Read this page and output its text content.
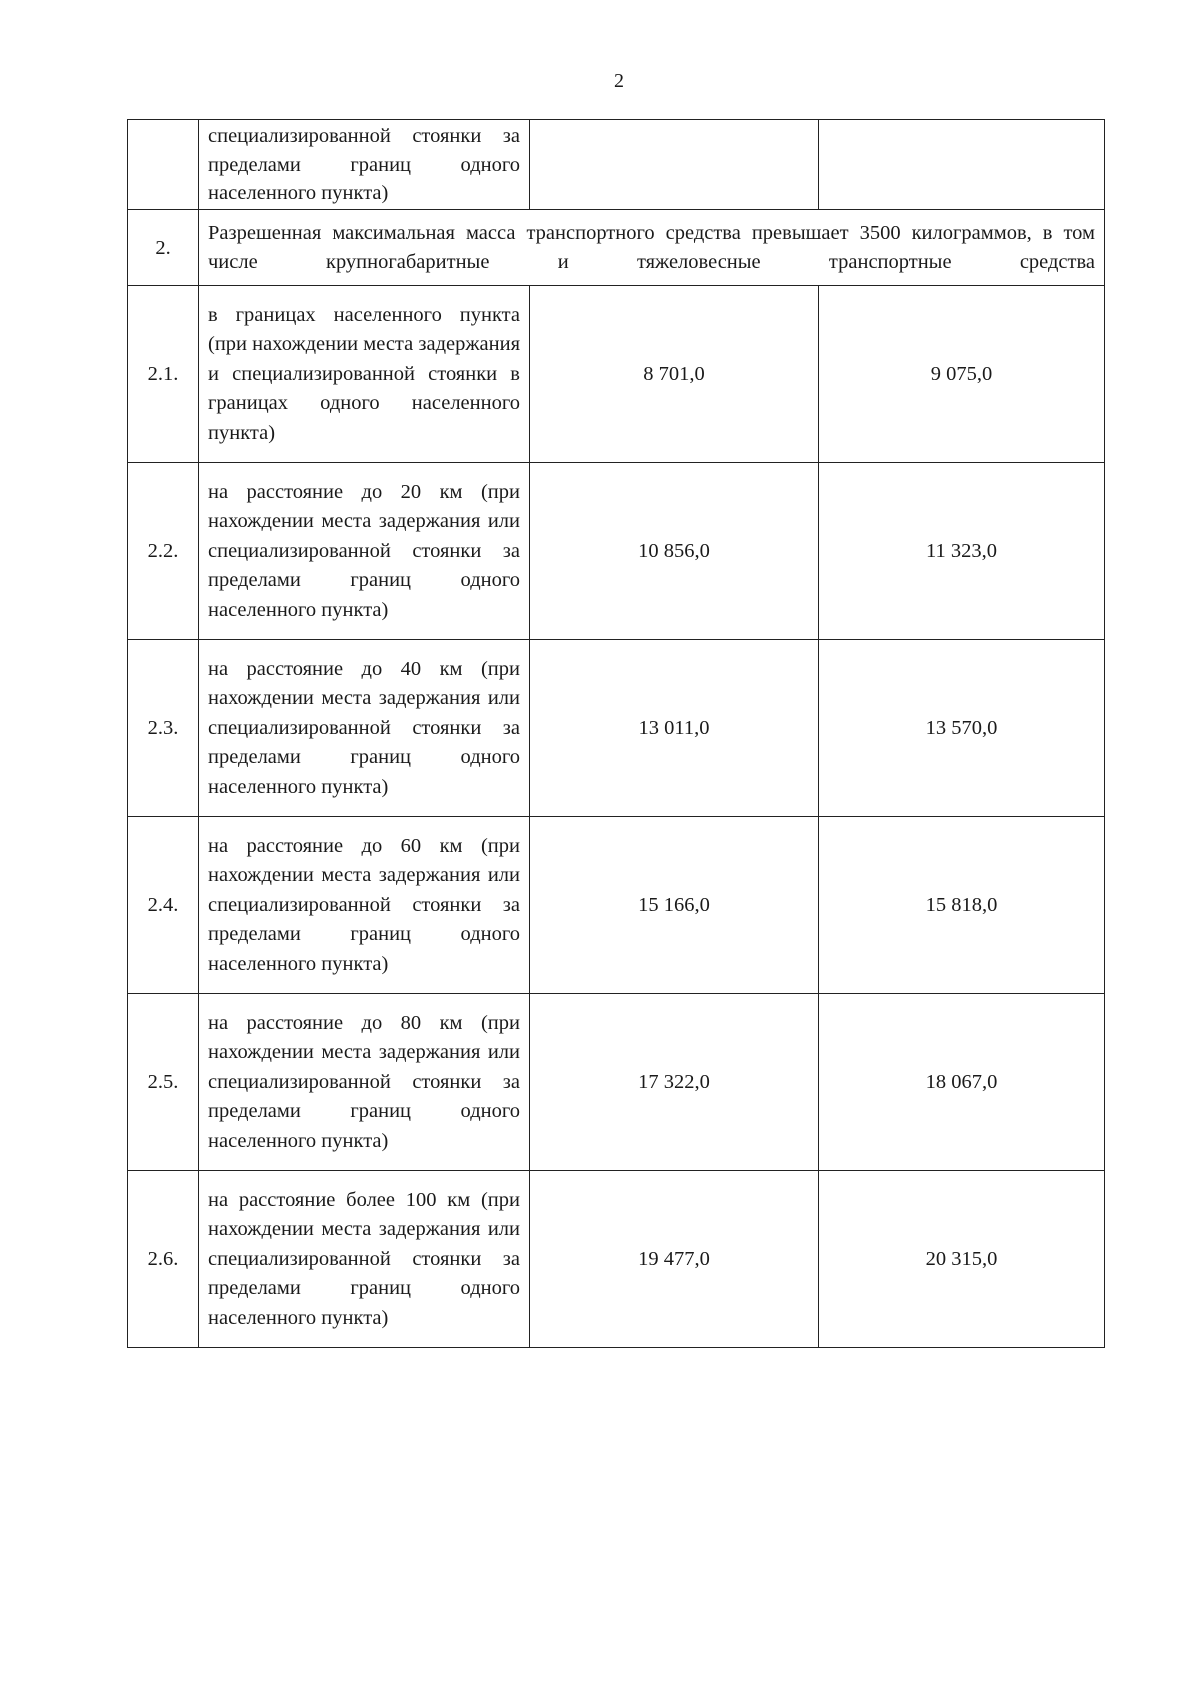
2
	специализированной стоянки за пределами границ одного населенного пункта)		
2.	Разрешенная максимальная масса транспортного средства превышает 3500 килограммов, в том числе крупногабаритные и тяжеловесные транспортные средства		
2.1.	в границах населенного пункта (при нахождении места задержания и специализированной стоянки в границах одного населенного пункта)	8 701,0	9 075,0
2.2.	на расстояние до 20 км (при нахождении места задержания или специализированной стоянки за пределами границ одного населенного пункта)	10 856,0	11 323,0
2.3.	на расстояние до 40 км (при нахождении места задержания или специализированной стоянки за пределами границ одного населенного пункта)	13 011,0	13 570,0
2.4.	на расстояние до 60 км (при нахождении места задержания или специализированной стоянки за пределами границ одного населенного пункта)	15 166,0	15 818,0
2.5.	на расстояние до 80 км (при нахождении места задержания или специализированной стоянки за пределами границ одного населенного пункта)	17 322,0	18 067,0
2.6.	на расстояние более 100 км (при нахождении места задержания или специализированной стоянки за пределами границ одного населенного пункта)	19 477,0	20 315,0
